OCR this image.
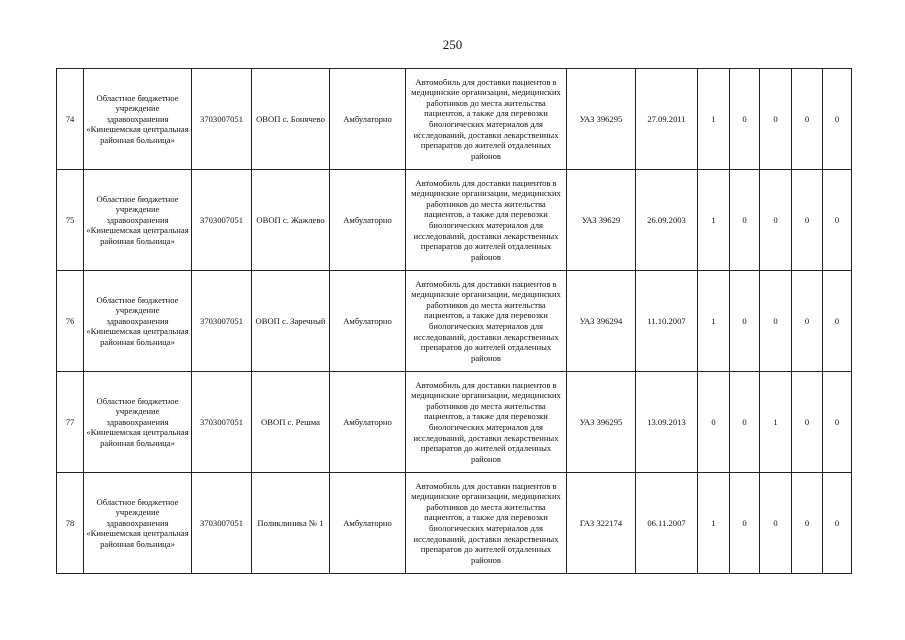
250
74	Областное бюджетное учреждение здравоохранения «Кинешемская центральная районная больница»	3703007051	ОВОП с. Бонячево	Амбулаторно	Автомобиль для доставки пациентов в медицинские организации, медицинских работников до места жительства пациентов, а также для перевозки биологических материалов для исследований, доставки лекарственных препаратов до жителей отдаленных районов	УАЗ 396295	27.09.2011	1	0	0	0	0
75	Областное бюджетное учреждение здравоохранения «Кинешемская центральная районная больница»	3703007051	ОВОП с. Жажлево	Амбулаторно	Автомобиль для доставки пациентов в медицинские организации, медицинских работников до места жительства пациентов, а также для перевозки биологических материалов для исследований, доставки лекарственных препаратов до жителей отдаленных районов	УАЗ 39629	26.09.2003	1	0	0	0	0
76	Областное бюджетное учреждение здравоохранения «Кинешемская центральная районная больница»	3703007051	ОВОП с. Заречный	Амбулаторно	Автомобиль для доставки пациентов в медицинские организации, медицинских работников до места жительства пациентов, а также для перевозки биологических материалов для исследований, доставки лекарственных препаратов до жителей отдаленных районов	УАЗ 396294	11.10.2007	1	0	0	0	0
77	Областное бюджетное учреждение здравоохранения «Кинешемская центральная районная больница»	3703007051	ОВОП с. Решма	Амбулаторно	Автомобиль для доставки пациентов в медицинские организации, медицинских работников до места жительства пациентов, а также для перевозки биологических материалов для исследований, доставки лекарственных препаратов до жителей отдаленных районов	УАЗ 396295	13.09.2013	0	0	1	0	0
78	Областное бюджетное учреждение здравоохранения «Кинешемская центральная районная больница»	3703007051	Поликлиника № 1	Амбулаторно	Автомобиль для доставки пациентов в медицинские организации, медицинских работников до места жительства пациентов, а также для перевозки биологических материалов для исследований, доставки лекарственных препаратов до жителей отдаленных районов	ГАЗ 322174	06.11.2007	1	0	0	0	0
